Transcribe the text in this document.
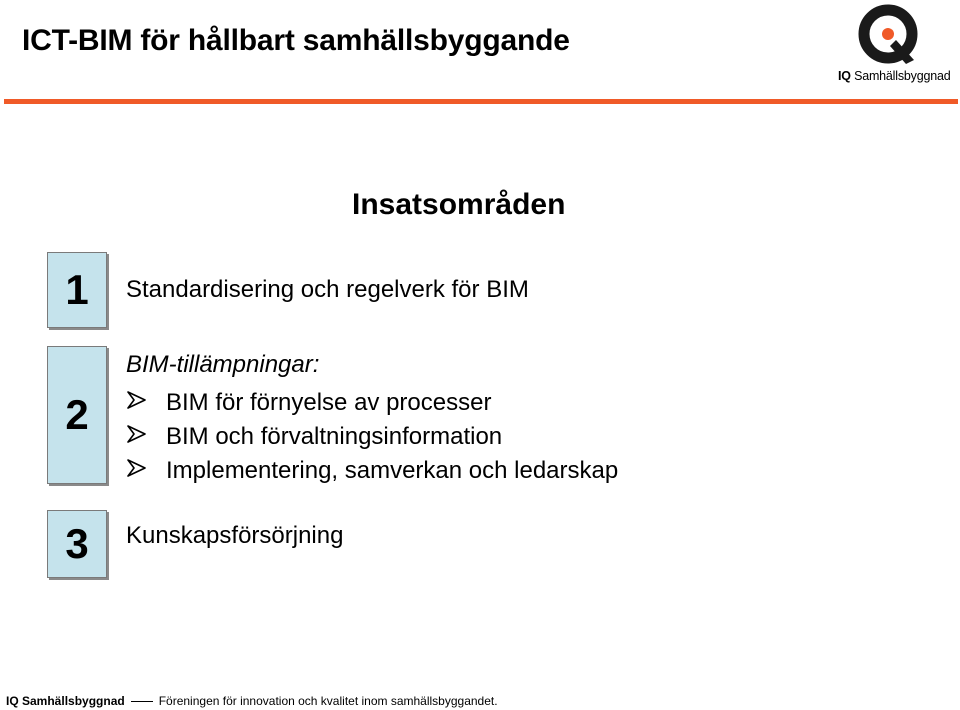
ICT-BIM för hållbart samhällsbyggande
IQ Samhällsbyggnad
Insatsområden
1	Standardisering och regelverk för BIM
2
BIM-tillämpningar:
BIM för förnyelse av processer
BIM och förvaltningsinformation
Implementering, samverkan och ledarskap
3	Kunskapsförsörjning
IQ Samhällsbyggnad	Föreningen för innovation och kvalitet inom samhällsbyggandet.
